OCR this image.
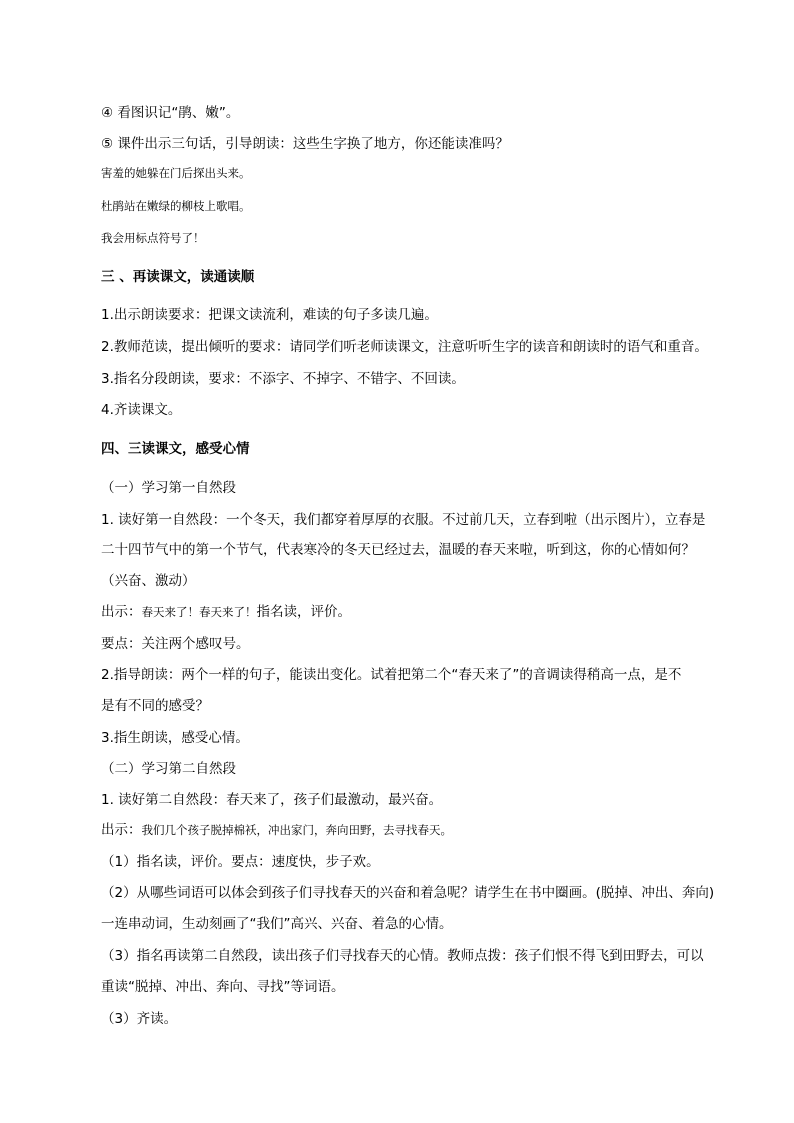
④ 看图识记“鹃、嫩”。
⑤ 课件出示三句话，引导朗读：这些生字换了地方，你还能读准吗？
害羞的她躲在门后探出头来。
杜鹃站在嫩绿的柳枝上歌唱。
我会用标点符号了！
三 、再读课文，读通读顺
1.出示朗读要求：把课文读流利，难读的句子多读几遍。
2.教师范读，提出倾听的要求：请同学们听老师读课文，注意听听生字的读音和朗读时的语气和重音。
3.指名分段朗读，要求：不添字、不掉字、不错字、不回读。
4.齐读课文。
四、三读课文，感受心情
（一）学习第一自然段
1. 读好第一自然段：一个冬天，我们都穿着厚厚的衣服。不过前几天，立春到啦（出示图片），立春是
二十四节气中的第一个节气，代表寒冷的冬天已经过去，温暖的春天来啦，听到这，你的心情如何？
（兴奋、激动）
出示：春天来了！春天来了！指名读，评价。
要点：关注两个感叹号。
2.指导朗读：两个一样的句子，能读出变化。试着把第二个“春天来了”的音调读得稍高一点，是不
是有不同的感受？
3.指生朗读，感受心情。
（二）学习第二自然段
1. 读好第二自然段：春天来了，孩子们最激动，最兴奋。
出示：我们几个孩子脱掉棉袄，冲出家门，奔向田野，去寻找春天。
（1）指名读，评价。要点：速度快，步子欢。
（2）从哪些词语可以体会到孩子们寻找春天的兴奋和着急呢？请学生在书中圈画。(脱掉、冲出、奔向)
一连串动词，生动刻画了“我们”高兴、兴奋、着急的心情。
（3）指名再读第二自然段，读出孩子们寻找春天的心情。教师点拨：孩子们恨不得飞到田野去，可以
重读“脱掉、冲出、奔向、寻找”等词语。
（3）齐读。
